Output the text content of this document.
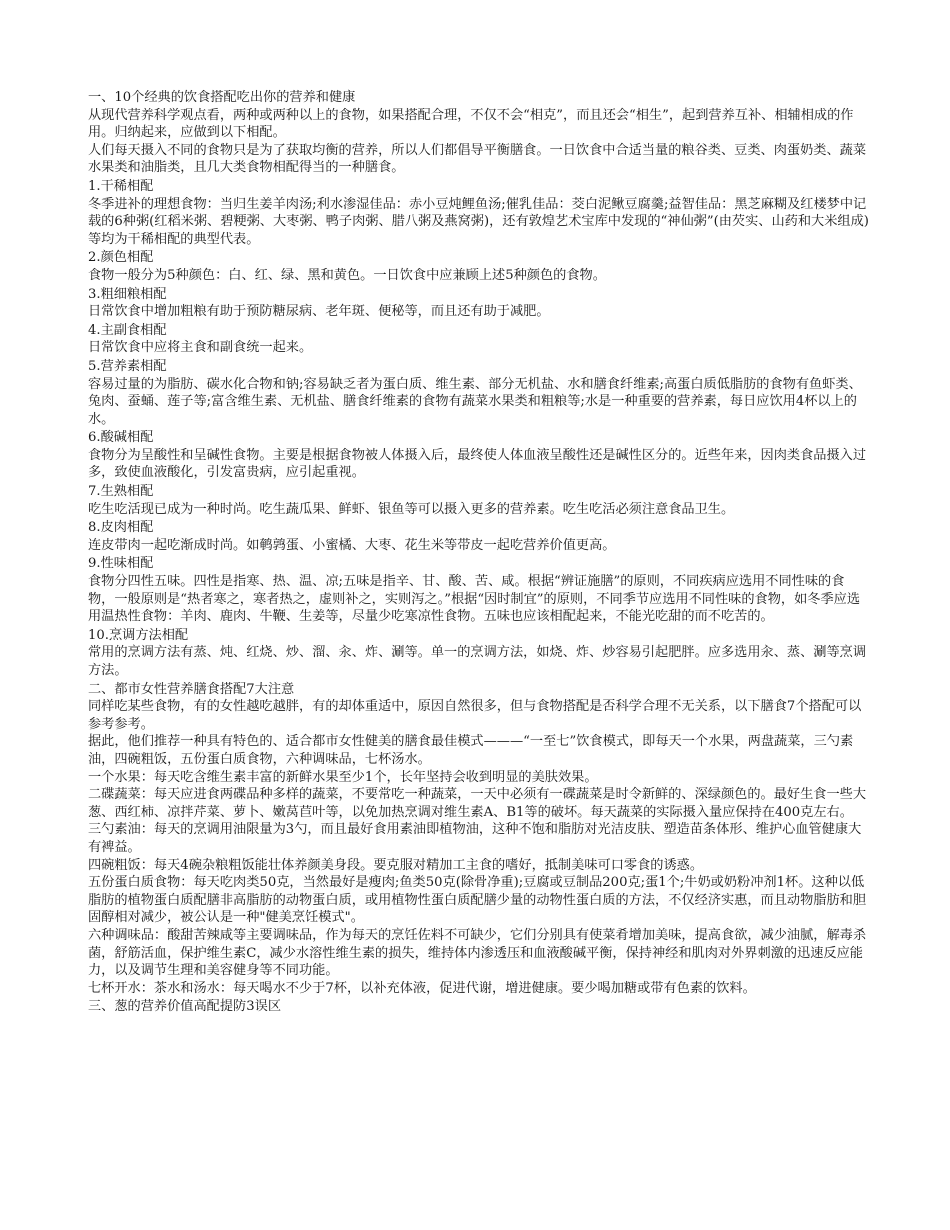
一、10个经典的饮食搭配吃出你的营养和健康

从现代营养科学观点看，两种或两种以上的食物，如果搭配合理，不仅不会“相克”，而且还会“相生”，起到营养互补、相辅相成的作用。归纳起来，应做到以下相配。

人们每天摄入不同的食物只是为了获取均衡的营养，所以人们都倡导平衡膳食。一日饮食中合适当量的粮谷类、豆类、肉蛋奶类、蔬菜水果类和油脂类，且几大类食物相配得当的一种膳食。

1.干稀相配

冬季进补的理想食物：当归生姜羊肉汤;利水渗湿佳品：赤小豆炖鲤鱼汤;催乳佳品：茭白泥鳅豆腐羹;益智佳品：黑芝麻糊及红楼梦中记载的6种粥(红稻米粥、碧粳粥、大枣粥、鸭子肉粥、腊八粥及燕窝粥)，还有敦煌艺术宝库中发现的“神仙粥”(由芡实、山药和大米组成)等均为干稀相配的典型代表。

2.颜色相配

食物一般分为5种颜色：白、红、绿、黑和黄色。一日饮食中应兼顾上述5种颜色的食物。

3.粗细粮相配

日常饮食中增加粗粮有助于预防糖尿病、老年斑、便秘等，而且还有助于减肥。

4.主副食相配

日常饮食中应将主食和副食统一起来。

5.营养素相配

容易过量的为脂肪、碳水化合物和钠;容易缺乏者为蛋白质、维生素、部分无机盐、水和膳食纤维素;高蛋白质低脂肪的食物有鱼虾类、兔肉、蚕蛹、莲子等;富含维生素、无机盐、膳食纤维素的食物有蔬菜水果类和粗粮等;水是一种重要的营养素，每日应饮用4杯以上的水。

6.酸碱相配

食物分为呈酸性和呈碱性食物。主要是根据食物被人体摄入后，最终使人体血液呈酸性还是碱性区分的。近些年来，因肉类食品摄入过多，致使血液酸化，引发富贵病，应引起重视。

7.生熟相配

吃生吃活现已成为一种时尚。吃生蔬瓜果、鲜虾、银鱼等可以摄入更多的营养素。吃生吃活必须注意食品卫生。

8.皮肉相配

连皮带肉一起吃渐成时尚。如鹌鹑蛋、小蜜橘、大枣、花生米等带皮一起吃营养价值更高。

9.性味相配

食物分四性五味。四性是指寒、热、温、凉;五味是指辛、甘、酸、苦、咸。根据“辨证施膳”的原则，不同疾病应选用不同性味的食物，一般原则是“热者寒之，寒者热之，虚则补之，实则泻之。”根据“因时制宜”的原则，不同季节应选用不同性味的食物，如冬季应选用温热性食物：羊肉、鹿肉、牛鞭、生姜等，尽量少吃寒凉性食物。五味也应该相配起来，不能光吃甜的而不吃苦的。

10.烹调方法相配

常用的烹调方法有蒸、炖、红烧、炒、溜、汆、炸、涮等。单一的烹调方法，如烧、炸、炒容易引起肥胖。应多选用汆、蒸、涮等烹调方法。

二、都市女性营养膳食搭配7大注意

同样吃某些食物，有的女性越吃越胖，有的却体重适中，原因自然很多，但与食物搭配是否科学合理不无关系，以下膳食7个搭配可以参考参考。

据此，他们推荐一种具有特色的、适合都市女性健美的膳食最佳模式———“一至七”饮食模式，即每天一个水果，两盘蔬菜，三勺素油，四碗粗饭，五份蛋白质食物，六种调味品，七杯汤水。

一个水果：每天吃含维生素丰富的新鲜水果至少1个，长年坚持会收到明显的美肤效果。

二碟蔬菜：每天应进食两碟品种多样的蔬菜，不要常吃一种蔬菜，一天中必须有一碟蔬菜是时令新鲜的、深绿颜色的。最好生食一些大葱、西红柿、凉拌芹菜、萝卜、嫩莴苣叶等，以免加热烹调对维生素A、B1等的破坏。每天蔬菜的实际摄入量应保持在400克左右。

三勺素油：每天的烹调用油限量为3勺，而且最好食用素油即植物油，这种不饱和脂肪对光洁皮肤、塑造苗条体形、维护心血管健康大有裨益。

四碗粗饭：每天4碗杂粮粗饭能壮体养颜美身段。要克服对精加工主食的嗜好，抵制美味可口零食的诱惑。

五份蛋白质食物：每天吃肉类50克，当然最好是瘦肉;鱼类50克(除骨净重);豆腐或豆制品200克;蛋1个;牛奶或奶粉冲剂1杯。这种以低脂肪的植物蛋白质配膳非高脂肪的动物蛋白质，或用植物性蛋白质配膳少量的动物性蛋白质的方法，不仅经济实惠，而且动物脂肪和胆固醇相对减少，被公认是一种"健美烹饪模式"。

六种调味品：酸甜苦辣咸等主要调味品，作为每天的烹饪佐料不可缺少，它们分别具有使菜肴增加美味，提高食欲，减少油腻，解毒杀菌，舒筋活血，保护维生素C，减少水溶性维生素的损失，维持体内渗透压和血液酸碱平衡，保持神经和肌肉对外界刺激的迅速反应能力，以及调节生理和美容健身等不同功能。

七杯开水：茶水和汤水：每天喝水不少于7杯，以补充体液，促进代谢，增进健康。要少喝加糖或带有色素的饮料。

三、葱的营养价值高配提防3误区
